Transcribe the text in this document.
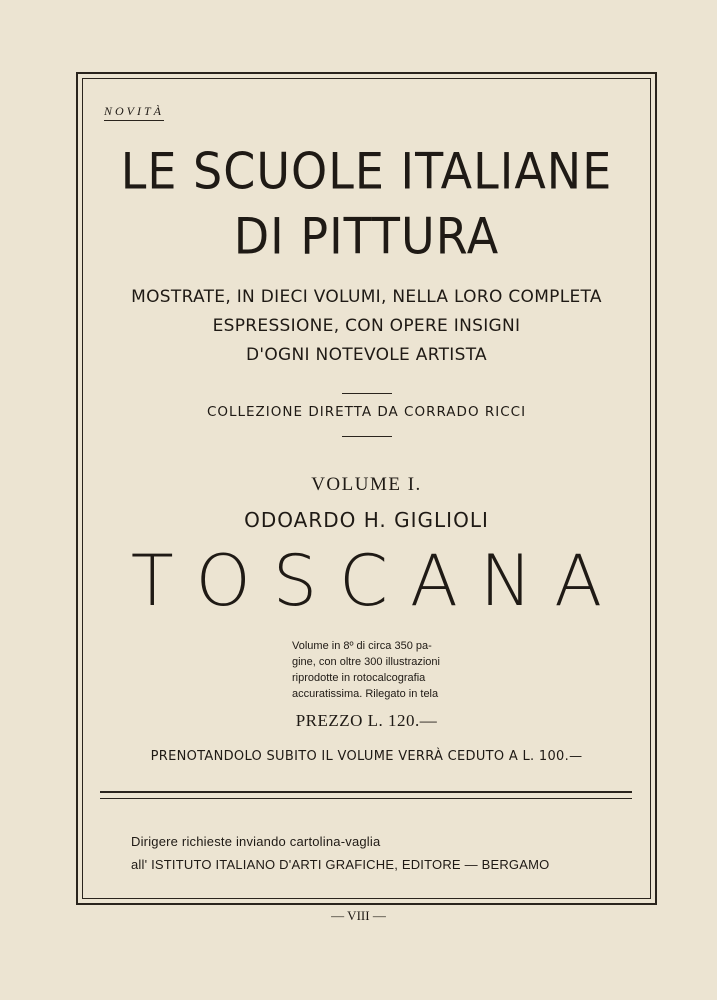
NOVITÀ
LE SCUOLE ITALIANE
DI PITTURA
MOSTRATE, IN DIECI VOLUMI, NELLA LORO COMPLETA
ESPRESSIONE, CON OPERE INSIGNI
D'OGNI NOTEVOLE ARTISTA
COLLEZIONE DIRETTA DA CORRADO RICCI
VOLUME I.
ODOARDO H. GIGLIOLI
TOSCANA
Volume in 8º di circa 350 pa-
gine, con oltre 300 illustrazioni
riprodotte in rotocalcografia
accuratissima. Rilegato in tela
PREZZO L. 120.—
PRENOTANDOLO SUBITO IL VOLUME VERRÀ CEDUTO A L. 100.—
Dirigere richieste inviando cartolina-vaglia
all' ISTITUTO ITALIANO D'ARTI GRAFICHE, EDITORE — BERGAMO
— VIII —
